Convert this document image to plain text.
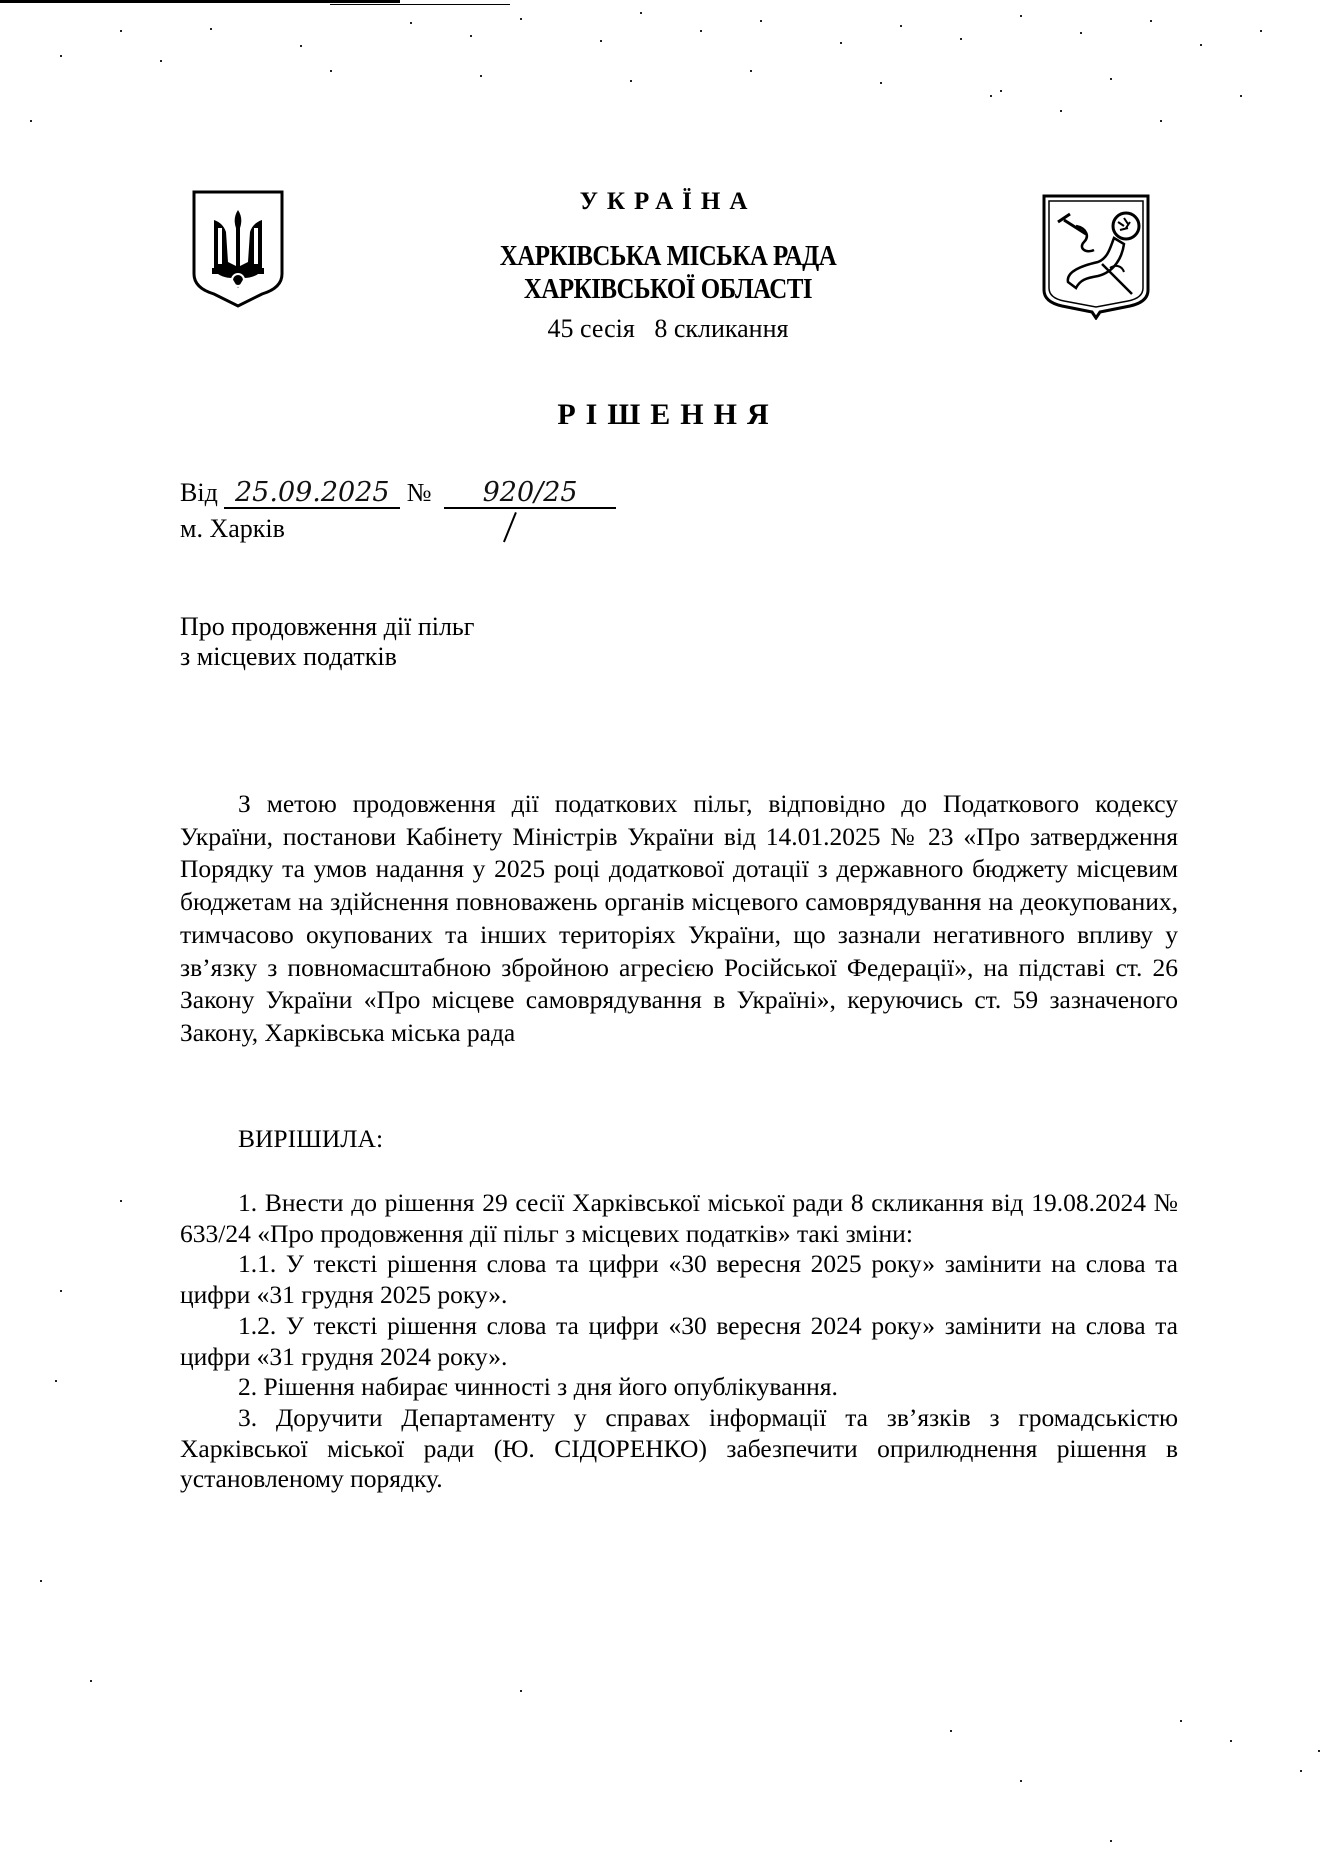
УКРАЇНА
ХАРКІВСЬКА МІСЬКА РАДА
ХАРКІВСЬКОЇ ОБЛАСТІ
45 сесія   8 скликання
РІШЕННЯ
Від 25.09.2025 № 920/25
м. Харків
Про продовження дії пільг
з місцевих податків
З метою продовження дії податкових пільг, відповідно до Податкового кодексу України, постанови Кабінету Міністрів України від 14.01.2025 № 23 «Про затвердження Порядку та умов надання у 2025 році додаткової дотації з державного бюджету місцевим бюджетам на здійснення повноважень органів місцевого самоврядування на деокупованих, тимчасово окупованих та інших територіях України, що зазнали негативного впливу у зв’язку з повномасштабною збройною агресією Російської Федерації», на підставі ст. 26 Закону України «Про місцеве самоврядування в Україні», керуючись ст. 59 зазначеного Закону, Харківська міська рада
ВИРІШИЛА:
1. Внести до рішення 29 сесії Харківської міської ради 8 скликання від 19.08.2024 № 633/24 «Про продовження дії пільг з місцевих податків» такі зміни:
1.1. У тексті рішення слова та цифри «30 вересня 2025 року» замінити на слова та цифри «31 грудня 2025 року».
1.2. У тексті рішення слова та цифри «30 вересня 2024 року» замінити на слова та цифри «31 грудня 2024 року».
2. Рішення набирає чинності з дня його опублікування.
3. Доручити Департаменту у справах інформації та зв’язків з громадськістю Харківської міської ради (Ю. СІДОРЕНКО) забезпечити оприлюднення рішення в установленому порядку.
